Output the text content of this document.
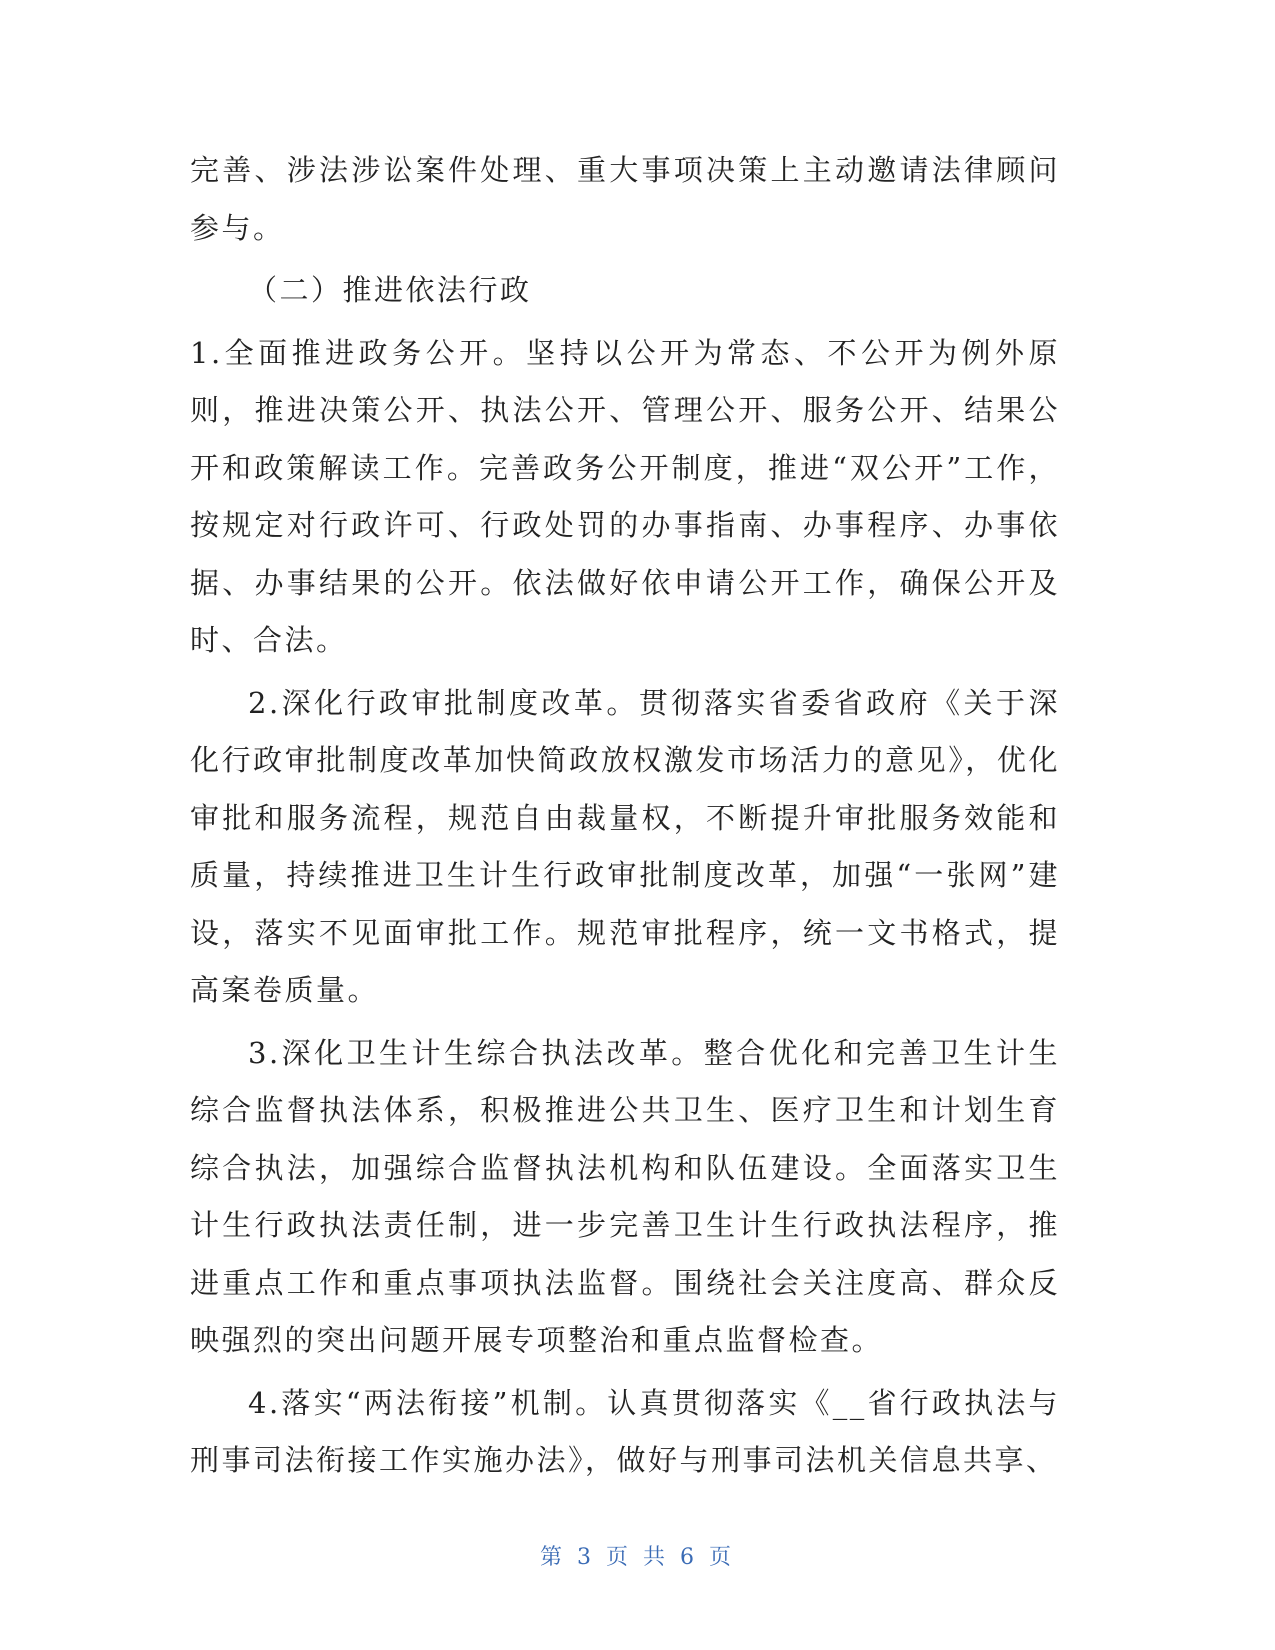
完善、涉法涉讼案件处理、重大事项决策上主动邀请法律顾问参与。

（二）推进依法行政

1.全面推进政务公开。坚持以公开为常态、不公开为例外原则，推进决策公开、执法公开、管理公开、服务公开、结果公开和政策解读工作。完善政务公开制度，推进“双公开”工作，按规定对行政许可、行政处罚的办事指南、办事程序、办事依据、办事结果的公开。依法做好依申请公开工作，确保公开及时、合法。

2.深化行政审批制度改革。贯彻落实省委省政府《关于深化行政审批制度改革加快简政放权激发市场活力的意见》，优化审批和服务流程，规范自由裁量权，不断提升审批服务效能和质量，持续推进卫生计生行政审批制度改革，加强“一张网”建设，落实不见面审批工作。规范审批程序，统一文书格式，提高案卷质量。

3.深化卫生计生综合执法改革。整合优化和完善卫生计生综合监督执法体系，积极推进公共卫生、医疗卫生和计划生育综合执法，加强综合监督执法机构和队伍建设。全面落实卫生计生行政执法责任制，进一步完善卫生计生行政执法程序，推进重点工作和重点事项执法监督。围绕社会关注度高、群众反映强烈的突出问题开展专项整治和重点监督检查。

4.落实“两法衔接”机制。认真贯彻落实《__省行政执法与刑事司法衔接工作实施办法》，做好与刑事司法机关信息共享、

第 3 页 共 6 页
